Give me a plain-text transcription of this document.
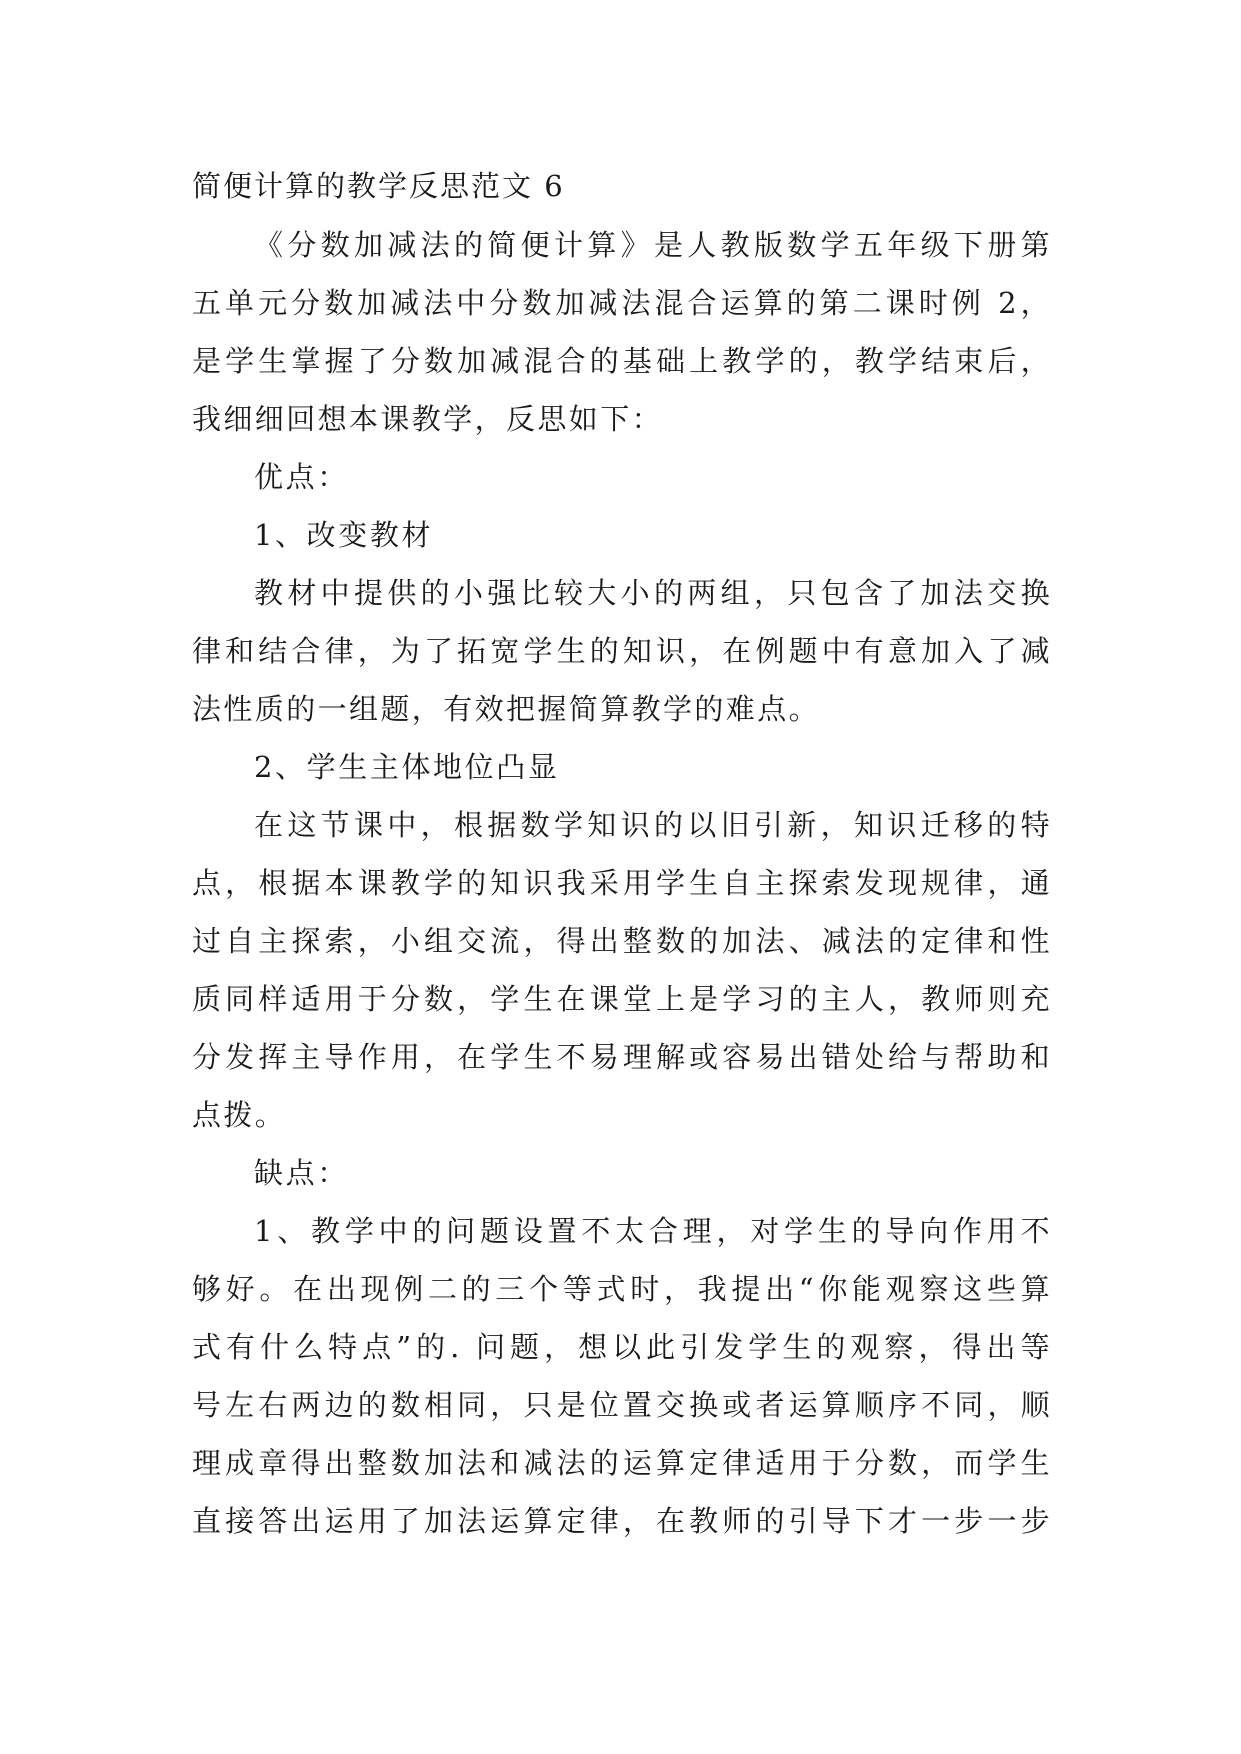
简便计算的教学反思范文 6
《分数加减法的简便计算》是人教版数学五年级下册第
五单元分数加减法中分数加减法混合运算的第二课时例 2，
是学生掌握了分数加减混合的基础上教学的，教学结束后，
我细细回想本课教学，反思如下：

优点：

1、改变教材

教材中提供的小强比较大小的两组，只包含了加法交换
律和结合律，为了拓宽学生的知识，在例题中有意加入了减
法性质的一组题，有效把握简算教学的难点。

2、学生主体地位凸显

在这节课中，根据数学知识的以旧引新，知识迁移的特
点，根据本课教学的知识我采用学生自主探索发现规律，通
过自主探索，小组交流，得出整数的加法、减法的定律和性
质同样适用于分数，学生在课堂上是学习的主人，教师则充
分发挥主导作用，在学生不易理解或容易出错处给与帮助和
点拨。

缺点：

1、教学中的问题设置不太合理，对学生的导向作用不
够好。在出现例二的三个等式时，我提出“你能观察这些算
式有什么特点”的. 问题，想以此引发学生的观察，得出等
号左右两边的数相同，只是位置交换或者运算顺序不同，顺
理成章得出整数加法和减法的运算定律适用于分数，而学生
直接答出运用了加法运算定律，在教师的引导下才一步一步
